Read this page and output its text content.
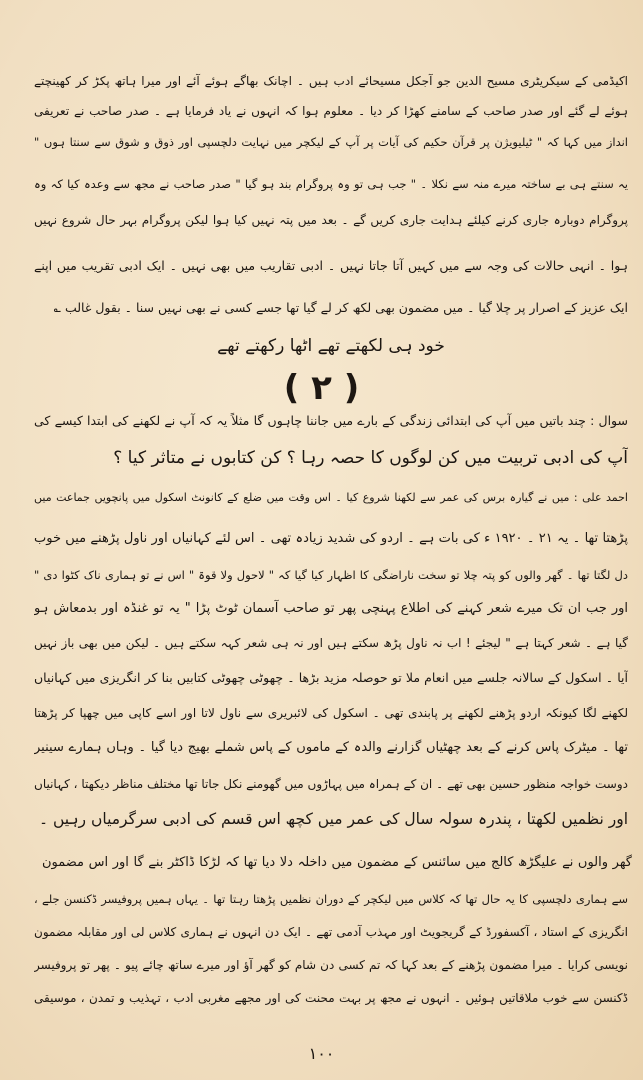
اکیڈمی کے سیکریٹری مسیح الدین جو آجکل مسیحائے ادب ہیں ۔ اچانک بھاگے ہوئے آئے اور میرا ہاتھ پکڑ کر کھینچتے
ہوئے لے گئے اور صدر صاحب کے سامنے کھڑا کر دیا ۔ معلوم ہوا کہ انہوں نے یاد فرمایا ہے ۔ صدر صاحب نے تعریفی
انداز میں کہا کہ " ٹیلیویژن پر قرآن حکیم کی آیات پر آپ کے لیکچر میں نہایت دلچسپی اور ذوق و شوق سے سنتا ہوں "
یہ سنتے ہی بے ساختہ میرے منہ سے نکلا ۔ " جب ہی تو وہ پروگرام بند ہو گیا " صدر صاحب نے مجھ سے وعدہ کیا کہ وہ
پروگرام دوبارہ جاری کرنے کیلئے ہدایت جاری کریں گے ۔ بعد میں پتہ نہیں کیا ہوا لیکن پروگرام بہر حال شروع نہیں
ہوا ۔ انہی حالات کی وجہ سے میں کہیں آتا جاتا نہیں ۔ ادبی تقاریب میں بھی نہیں ۔ ایک ادبی تقریب میں اپنے
ایک عزیز کے اصرار پر چلا گیا ۔ میں مضمون بھی لکھ کر لے گیا تھا جسے کسی نے بھی نہیں سنا ۔ بقول غالب ؎
خود ہی لکھتے تھے اٹھا رکھتے تھے
( ۲ )
سوال : چند باتیں میں آپ کی ابتدائی زندگی کے بارے میں جاننا چاہوں گا مثلاً یہ کہ آپ نے لکھنے کی ابتدا کیسے کی
آپ کی ادبی تربیت میں کن لوگوں کا حصہ رہا ؟ کن کتابوں نے متاثر کیا ؟
احمد علی : میں نے گیارہ برس کی عمر سے لکھنا شروع کیا ۔ اس وقت میں ضلع کے کانونٹ اسکول میں پانچویں جماعت میں
پڑھتا تھا ۔ یہ ۲۱ ۔ ۱۹۲۰ ء کی بات ہے ۔ اردو کی شدید زیادہ تھی ۔ اس لئے کہانیاں اور ناول پڑھنے میں خوب
دل لگتا تھا ۔ گھر والوں کو پتہ چلا تو سخت ناراضگی کا اظہار کیا گیا کہ " لاحول ولا قوۃ " اس نے تو ہماری ناک کٹوا دی "
اور جب ان تک میرے شعر کہنے کی اطلاع پہنچی پھر تو صاحب آسمان ٹوٹ پڑا " یہ تو غنڈہ اور بدمعاش ہو
گیا ہے ۔ شعر کہتا ہے " لیجئے ! اب نہ ناول پڑھ سکتے ہیں اور نہ ہی شعر کہہ سکتے ہیں ۔ لیکن میں بھی باز نہیں
آیا ۔ اسکول کے سالانہ جلسے میں انعام ملا تو حوصلہ مزید بڑھا ۔ چھوٹی چھوٹی کتابیں بنا کر انگریزی میں کہانیاں
لکھنے لگا کیونکہ اردو پڑھنے لکھنے پر پابندی تھی ۔ اسکول کی لائبریری سے ناول لاتا اور اسے کاپی میں چھپا کر پڑھتا
تھا ۔ میٹرک پاس کرنے کے بعد چھٹیاں گزارنے والدہ کے ماموں کے پاس شملے بھیج دیا گیا ۔ وہاں ہمارے سینیر
دوست خواجہ منظور حسین بھی تھے ۔ ان کے ہمراہ میں پہاڑوں میں گھومنے نکل جاتا تھا مختلف مناظر دیکھتا ، کہانیاں
اور نظمیں لکھتا ، پندرہ سولہ سال کی عمر میں کچھ اس قسم کی ادبی سرگرمیاں رہیں ۔
گھر والوں نے علیگڑھ کالج میں سائنس کے مضمون میں داخلہ دلا دیا تھا کہ لڑکا ڈاکٹر بنے گا اور اس مضمون
سے ہماری دلچسپی کا یہ حال تھا کہ کلاس میں لیکچر کے دوران نظمیں پڑھتا رہتا تھا ۔ یہاں ہمیں پروفیسر ڈکنسن جلے ،
انگریزی کے استاد ، آکسفورڈ کے گریجویٹ اور مہذب آدمی تھے ۔ ایک دن انہوں نے ہماری کلاس لی اور مقابلہ مضمون
نویسی کرایا ۔ میرا مضمون پڑھنے کے بعد کہا کہ تم کسی دن شام کو گھر آؤ اور میرے ساتھ چائے پیو ۔ پھر تو پروفیسر
ڈکنسن سے خوب ملاقاتیں ہوئیں ۔ انہوں نے مجھ پر بہت محنت کی اور مجھے مغربی ادب ، تہذیب و تمدن ، موسیقی
۱۰۰
